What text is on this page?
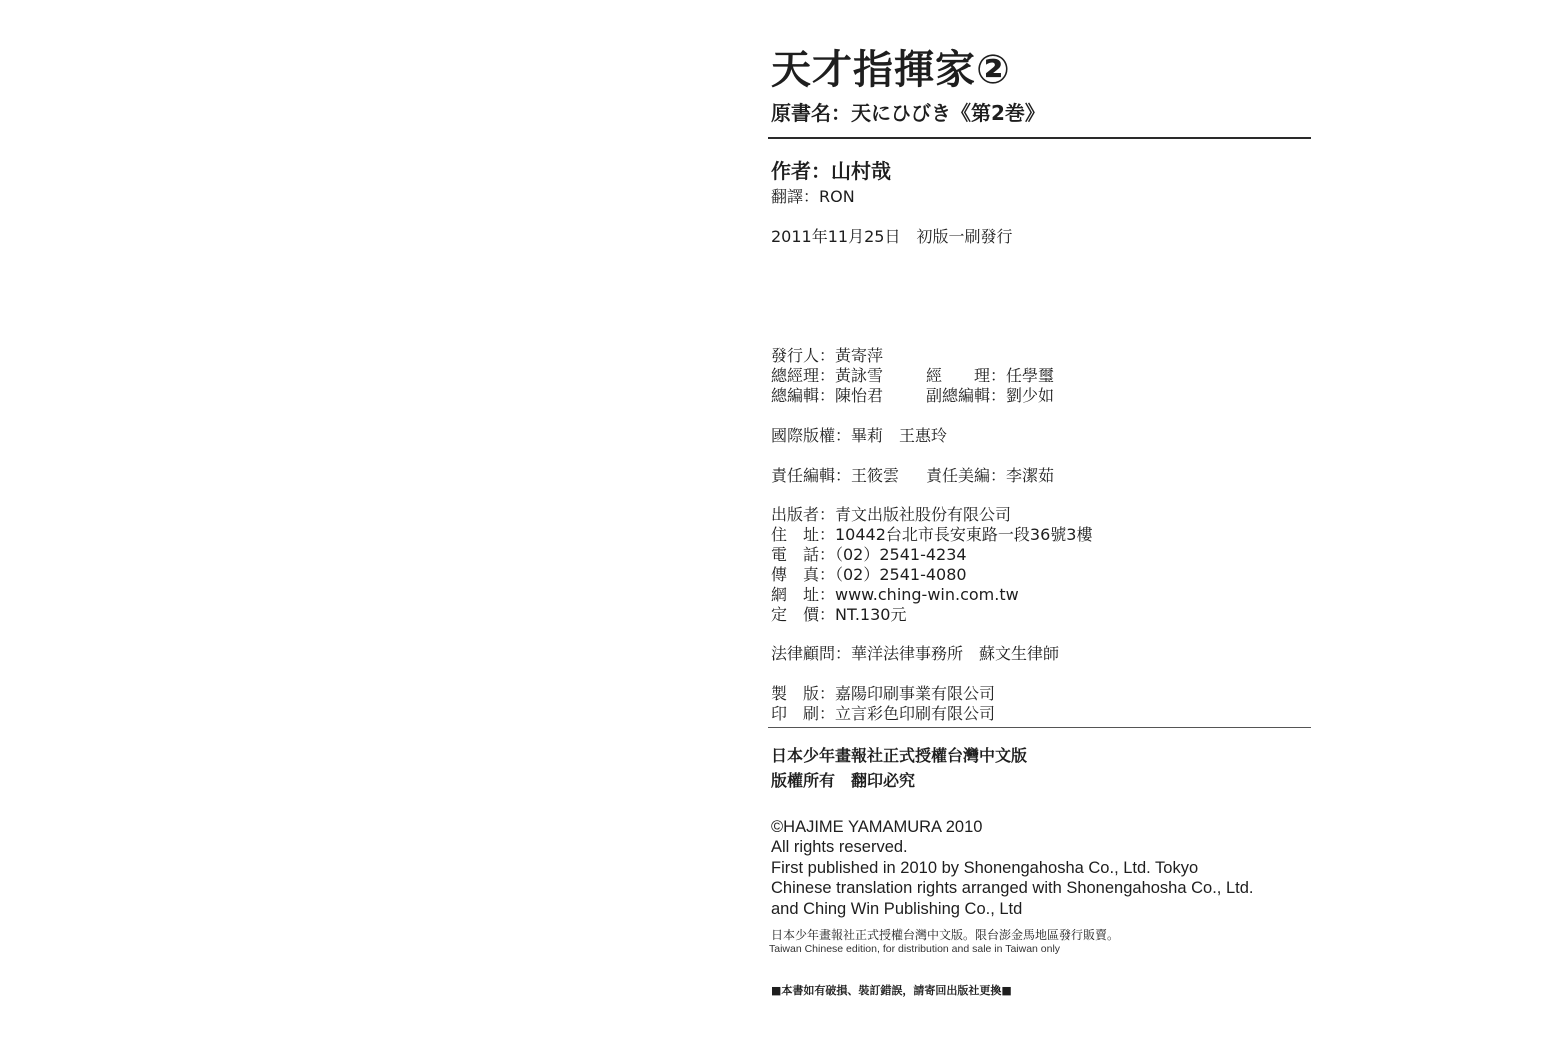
天才指揮家②
原書名：天にひびき《第2巻》
作者：山村哉
翻譯：RON
2011年11月25日　初版一刷發行
發行人：黃寄萍
總經理：黃詠雪	經　　理：任學璽
總編輯：陳怡君	副總編輯：劉少如
國際版權：畢莉　王惠玲
責任編輯：王筱雲 責任美編：李潔茹
出版者：青文出版社股份有限公司
住　址：10442台北市長安東路一段36號3樓
電　話：（02）2541-4234
傳　真：（02）2541-4080
網　址：www.ching-win.com.tw
定　價：NT.130元
法律顧問：華洋法律事務所　蘇文生律師
製　版：嘉陽印刷事業有限公司
印　刷：立言彩色印刷有限公司
日本少年畫報社正式授權台灣中文版
版權所有　翻印必究
©HAJIME YAMAMURA 2010
All rights reserved.
First published in 2010 by Shonengahosha Co., Ltd. Tokyo
Chinese translation rights arranged with Shonengahosha Co., Ltd.
and Ching Win Publishing Co., Ltd
日本少年畫報社正式授權台灣中文版。限台澎金馬地區發行販賣。
Taiwan Chinese edition, for distribution and sale in Taiwan only
■本書如有破損、裝訂錯誤，請寄回出版社更換■
